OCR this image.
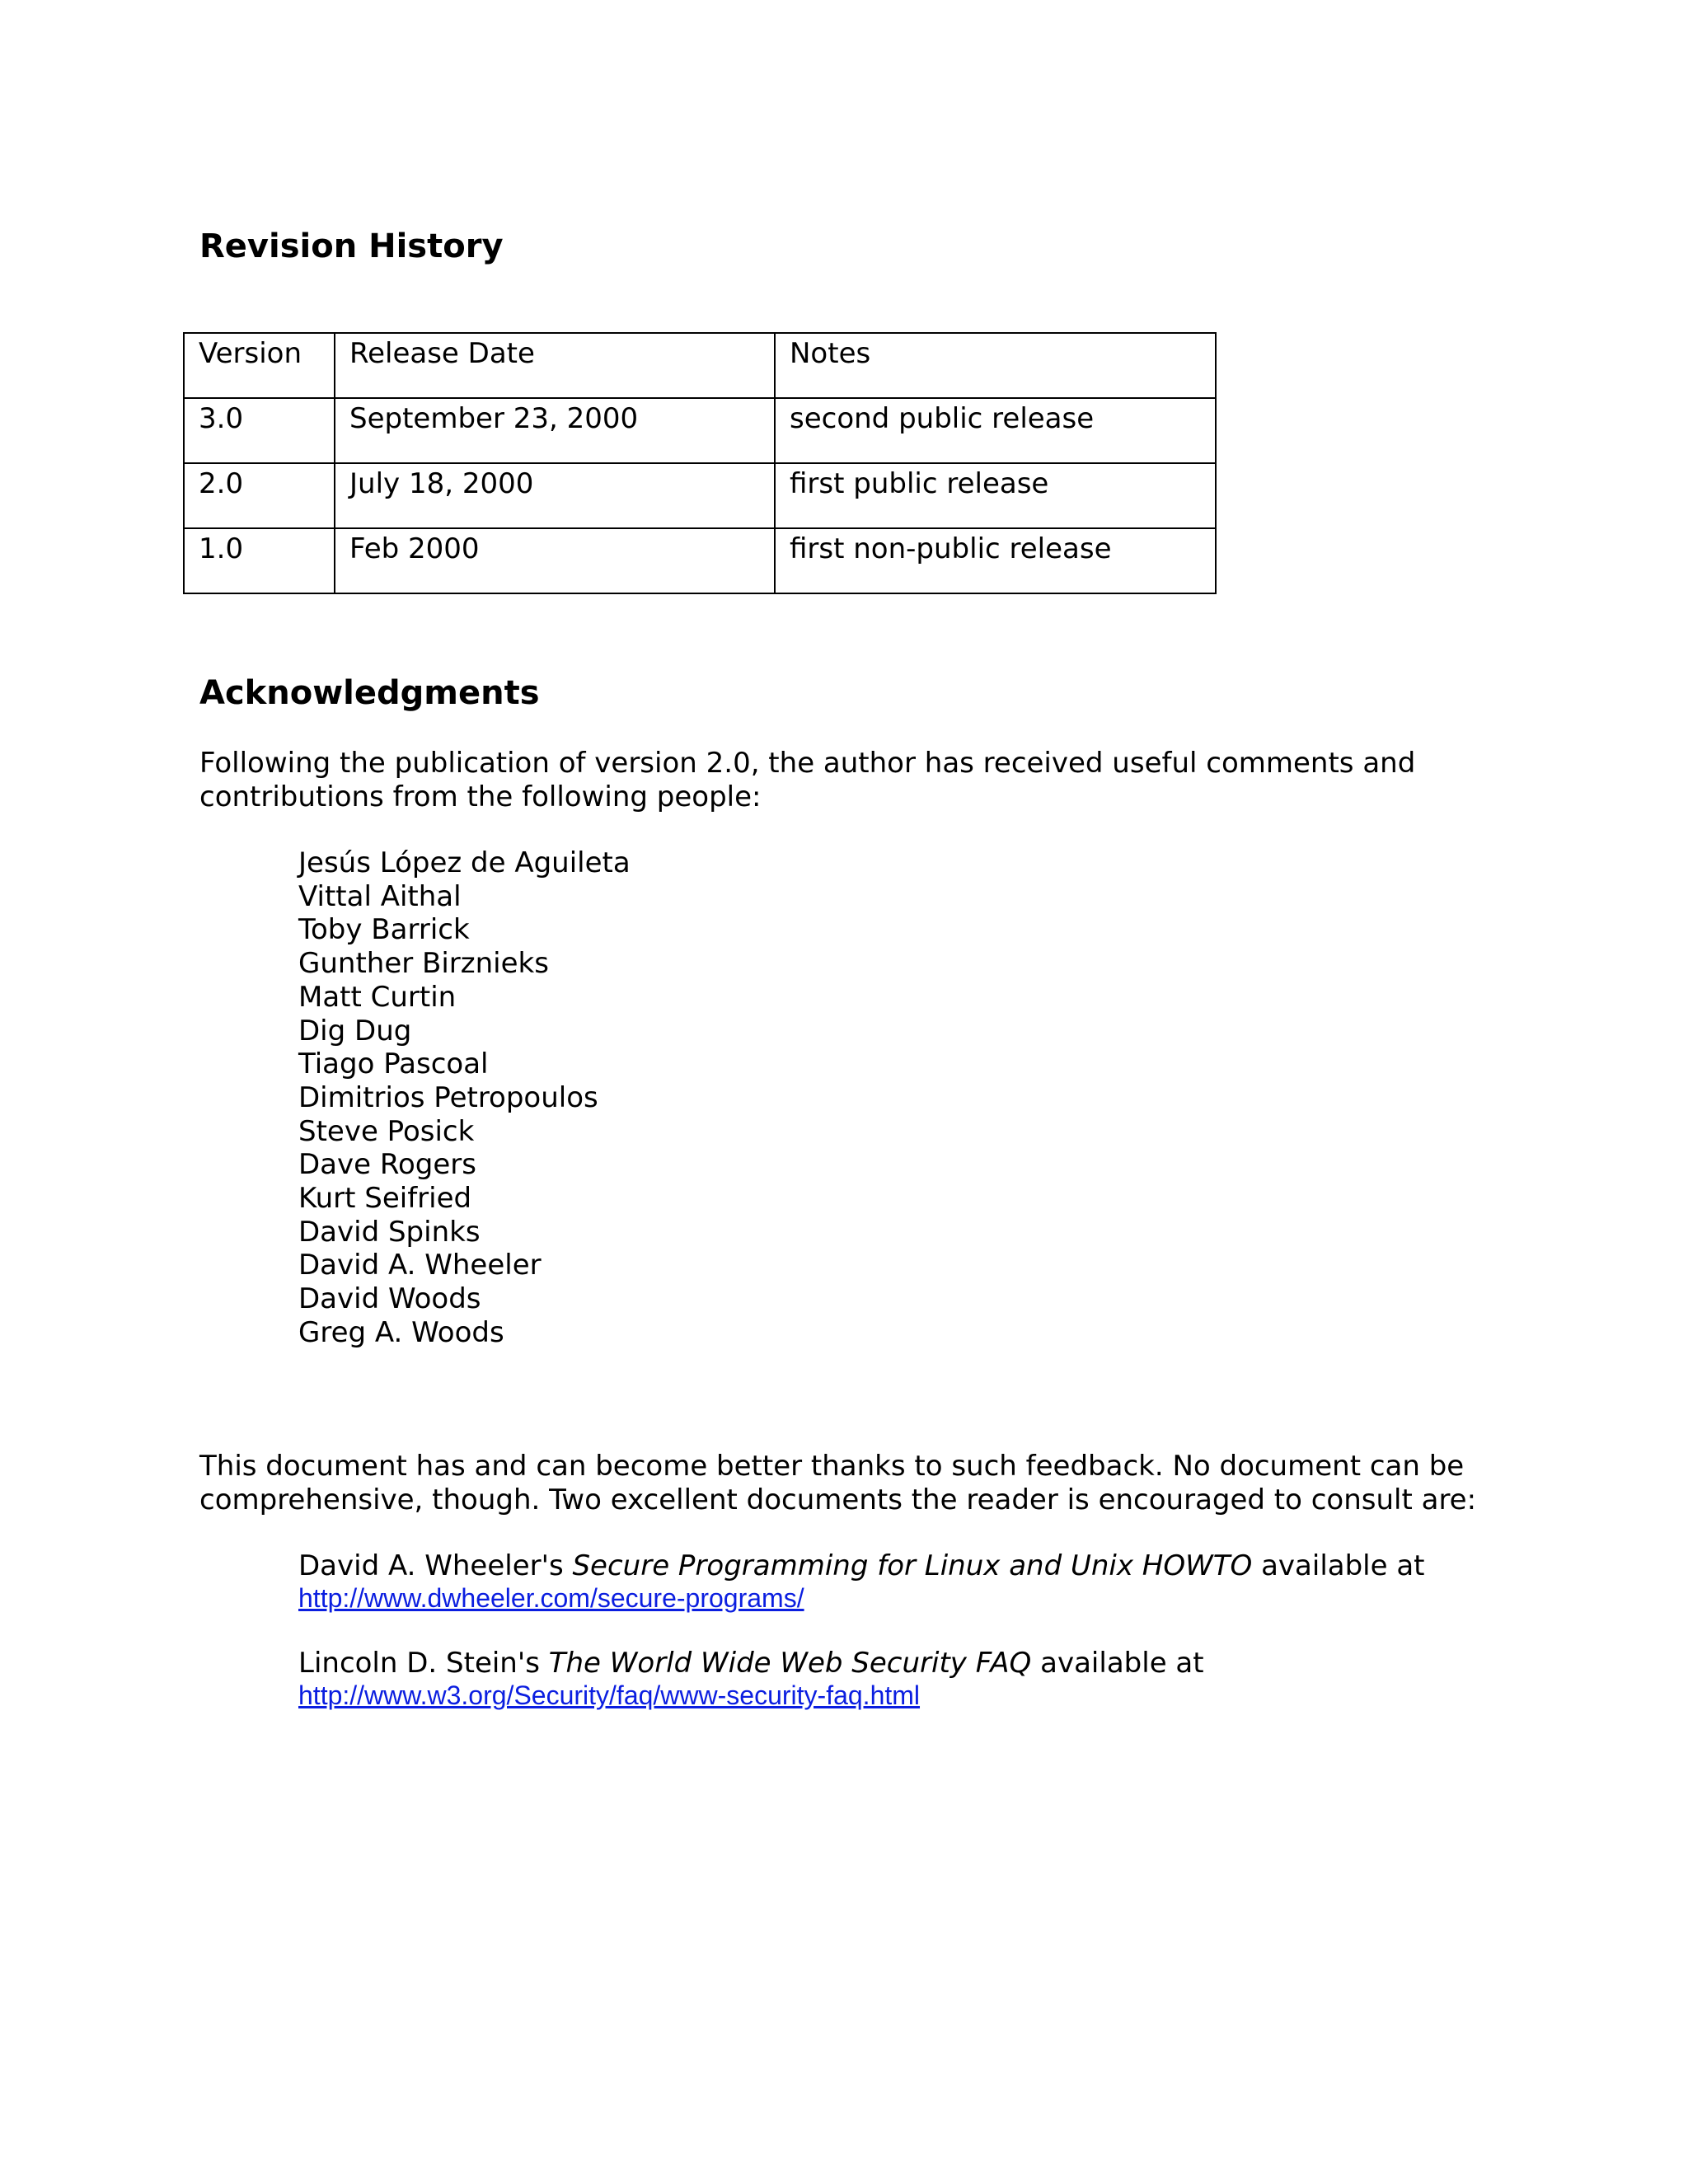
Revision History
Version	Release Date	Notes
3.0	September 23, 2000	second public release
2.0	July 18, 2000	first public release
1.0	Feb 2000	first non-public release
Acknowledgments

Following the publication of version 2.0, the author has received useful comments and contributions from the following people:

Jesús López de Aguileta
Vittal Aithal
Toby Barrick
Gunther Birznieks
Matt Curtin
Dig Dug
Tiago Pascoal
Dimitrios Petropoulos
Steve Posick
Dave Rogers
Kurt Seifried
David Spinks
David A. Wheeler
David Woods
Greg A. Woods

This document has and can become better thanks to such feedback. No document can be comprehensive, though. Two excellent documents the reader is encouraged to consult are:

David A. Wheeler's Secure Programming for Linux and Unix HOWTO available at
http://www.dwheeler.com/secure-programs/
Lincoln D. Stein's The World Wide Web Security FAQ available at
http://www.w3.org/Security/faq/www-security-faq.html
